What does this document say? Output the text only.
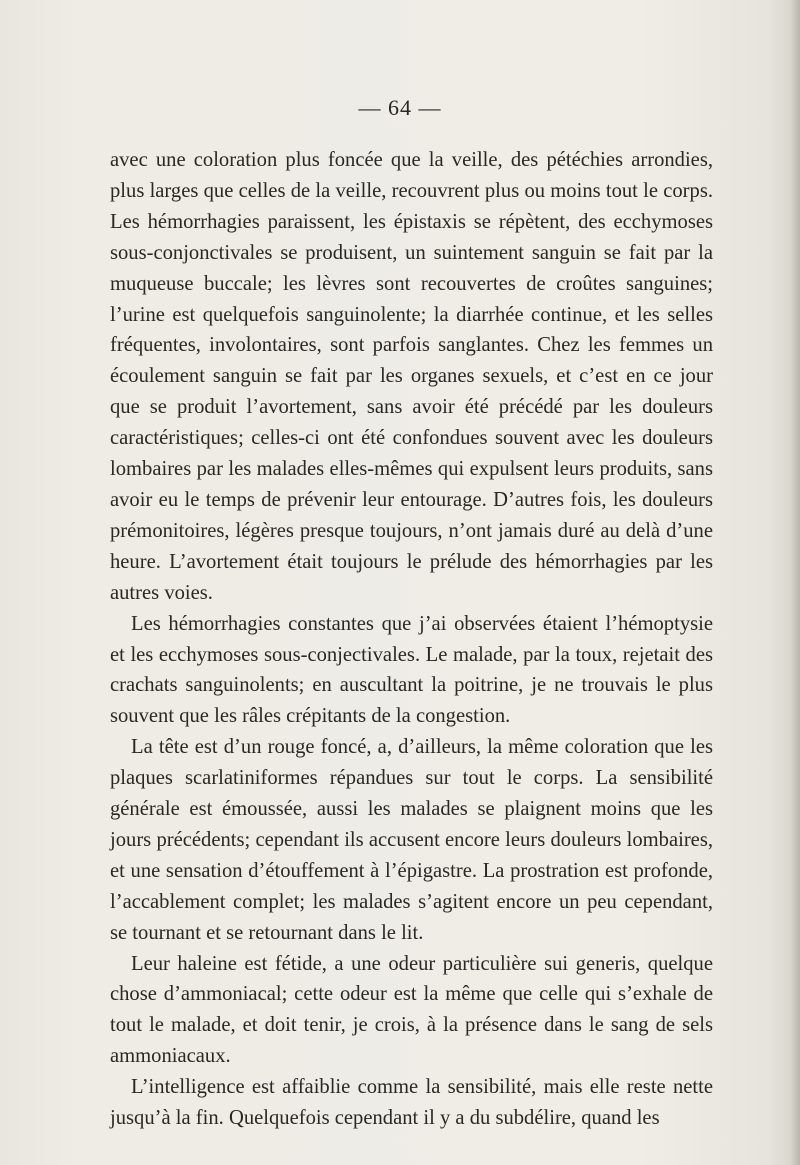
— 64 —

avec une coloration plus foncée que la veille, des pétéchies arrondies, plus larges que celles de la veille, recouvrent plus ou moins tout le corps. Les hémorrhagies paraissent, les épistaxis se répètent, des ecchymoses sous-conjonctivales se produisent, un suintement sanguin se fait par la muqueuse buccale; les lèvres sont recouvertes de croûtes sanguines; l’urine est quelquefois sanguinolente; la diarrhée continue, et les selles fréquentes, involontaires, sont parfois sanglantes. Chez les femmes un écoulement sanguin se fait par les organes sexuels, et c’est en ce jour que se produit l’avortement, sans avoir été précédé par les douleurs caractéristiques; celles-ci ont été confondues souvent avec les douleurs lombaires par les malades elles-mêmes qui expulsent leurs produits, sans avoir eu le temps de prévenir leur entourage. D’autres fois, les douleurs prémonitoires, légères presque toujours, n’ont jamais duré au delà d’une heure. L’avortement était toujours le prélude des hémorrhagies par les autres voies.

Les hémorrhagies constantes que j’ai observées étaient l’hémoptysie et les ecchymoses sous-conjectivales. Le malade, par la toux, rejetait des crachats sanguinolents; en auscultant la poitrine, je ne trouvais le plus souvent que les râles crépitants de la congestion.

La tête est d’un rouge foncé, a, d’ailleurs, la même coloration que les plaques scarlatiniformes répandues sur tout le corps. La sensibilité générale est émoussée, aussi les malades se plaignent moins que les jours précédents; cependant ils accusent encore leurs douleurs lombaires, et une sensation d’étouffement à l’épigastre. La prostration est profonde, l’accablement complet; les malades s’agitent encore un peu cependant, se tournant et se retournant dans le lit.

Leur haleine est fétide, a une odeur particulière sui generis, quelque chose d’ammoniacal; cette odeur est la même que celle qui s’exhale de tout le malade, et doit tenir, je crois, à la présence dans le sang de sels ammoniacaux.

L’intelligence est affaiblie comme la sensibilité, mais elle reste nette jusqu’à la fin. Quelquefois cependant il y a du subdélire, quand les
